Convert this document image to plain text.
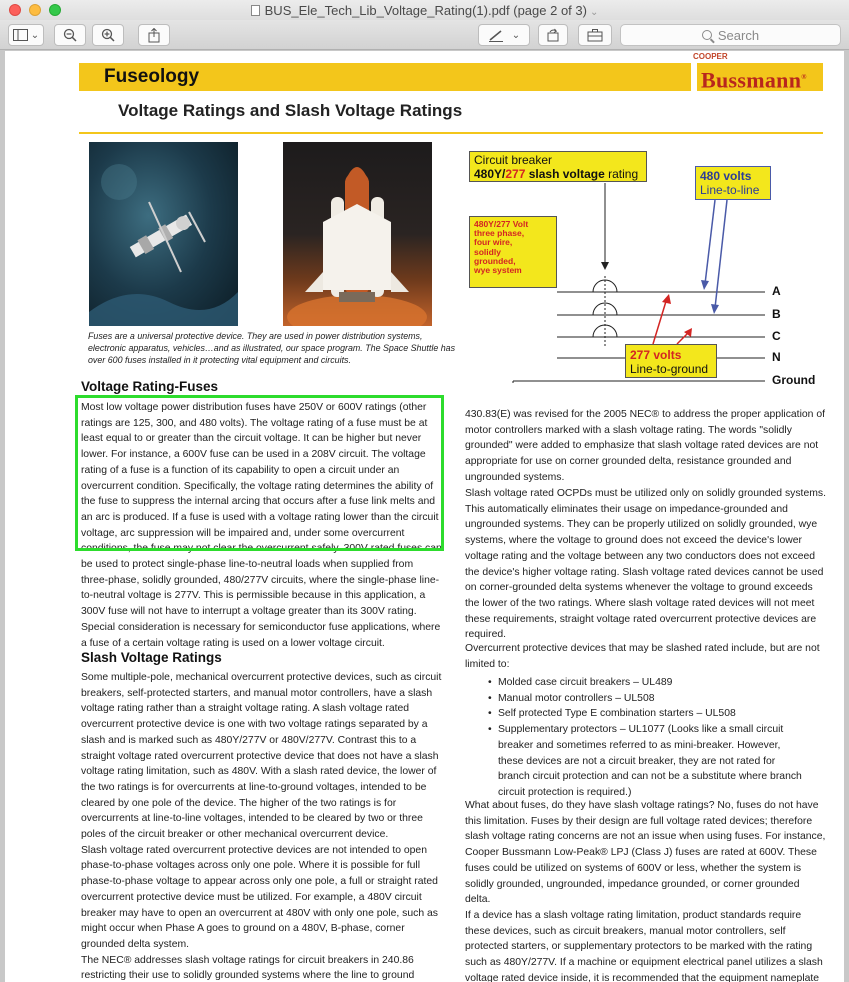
BUS_Ele_Tech_Lib_Voltage_Rating(1).pdf (page 2 of 3) ⌄
⌄	⌄	Search
COOPER
Fuseology	Bussmann®
Voltage Ratings and Slash Voltage Ratings
Fuses are a universal protective device. They are used in power distribution systems, electronic apparatus, vehicles…and as illustrated, our space program. The Space Shuttle has over 600 fuses installed in it protecting vital equipment and circuits.
Circuit breaker
480Y/277 slash voltage rating	480 volts
Line-to-line
480Y/277 Volt
three phase,
four wire,
solidly
grounded,
wye system
277 volts
Line-to-ground
A
B
C
N
Ground
Voltage Rating-Fuses

Most low voltage power distribution fuses have 250V or 600V ratings (other

ratings are 125, 300, and 480 volts). The voltage rating of a fuse must be at

least equal to or greater than the circuit voltage. It can be higher but never

lower. For instance, a 600V fuse can be used in a 208V circuit. The voltage

rating of a fuse is a function of its capability to open a circuit under an

overcurrent condition. Specifically, the voltage rating determines the ability of

the fuse to suppress the internal arcing that occurs after a fuse link melts and

an arc is produced. If a fuse is used with a voltage rating lower than the circuit

voltage, arc suppression will be impaired and, under some overcurrent

conditions, the fuse may not clear the overcurrent safely. 300V rated fuses can

be used to protect single-phase line-to-neutral loads when supplied from

three-phase, solidly grounded, 480/277V circuits, where the single-phase line-

to-neutral voltage is 277V. This is permissible because in this application, a

300V fuse will not have to interrupt a voltage greater than its 300V rating.

Special consideration is necessary for semiconductor fuse applications, where

a fuse of a certain voltage rating is used on a lower voltage circuit.

Slash Voltage Ratings

Some multiple-pole, mechanical overcurrent protective devices, such as circuit

breakers, self-protected starters, and manual motor controllers, have a slash

voltage rating rather than a straight voltage rating. A slash voltage rated

overcurrent protective device is one with two voltage ratings separated by a

slash and is marked such as 480Y/277V or 480V/277V. Contrast this to a

straight voltage rated overcurrent protective device that does not have a slash

voltage rating limitation, such as 480V. With a slash rated device, the lower of

the two ratings is for overcurrents at line-to-ground voltages, intended to be

cleared by one pole of the device. The higher of the two ratings is for

overcurrents at line-to-line voltages, intended to be cleared by two or three

poles of the circuit breaker or other mechanical overcurrent device.

Slash voltage rated overcurrent protective devices are not intended to open

phase-to-phase voltages across only one pole. Where it is possible for full

phase-to-phase voltage to appear across only one pole, a full or straight rated

overcurrent protective device must be utilized. For example, a 480V circuit

breaker may have to open an overcurrent at 480V with only one pole, such as

might occur when Phase A goes to ground on a 480V, B-phase, corner

grounded delta system.

The NEC® addresses slash voltage ratings for circuit breakers in 240.86

restricting their use to solidly grounded systems where the line to ground

430.83(E) was revised for the 2005 NEC® to address the proper application of

motor controllers marked with a slash voltage rating. The words "solidly

grounded" were added to emphasize that slash voltage rated devices are not

appropriate for use on corner grounded delta, resistance grounded and

ungrounded systems.

Slash voltage rated OCPDs must be utilized only on solidly grounded systems.

This automatically eliminates their usage on impedance-grounded and

ungrounded systems. They can be properly utilized on solidly grounded, wye

systems, where the voltage to ground does not exceed the device's lower

voltage rating and the voltage between any two conductors does not exceed

the device's higher voltage rating. Slash voltage rated devices cannot be used

on corner-grounded delta systems whenever the voltage to ground exceeds

the lower of the two ratings. Where slash voltage rated devices will not meet

these requirements, straight voltage rated overcurrent protective devices are

required.

Overcurrent protective devices that may be slashed rated include, but are not

limited to:

• Molded case circuit breakers – UL489
• Manual motor controllers – UL508
• Self protected Type E combination starters – UL508
• Supplementary protectors – UL1077 (Looks like a small circuit
breaker and sometimes referred to as mini-breaker. However,
these devices are not a circuit breaker, they are not rated for
branch circuit protection and can not be a substitute where branch
circuit protection is required.)

What about fuses, do they have slash voltage ratings? No, fuses do not have

this limitation. Fuses by their design are full voltage rated devices; therefore

slash voltage rating concerns are not an issue when using fuses. For instance,

Cooper Bussmann Low-Peak® LPJ (Class J) fuses are rated at 600V. These

fuses could be utilized on systems of 600V or less, whether the system is

solidly grounded, ungrounded, impedance grounded, or corner grounded

delta.

If a device has a slash voltage rating limitation, product standards require

these devices, such as circuit breakers, manual motor controllers, self

protected starters, or supplementary protectors to be marked with the rating

such as 480Y/277V. If a machine or equipment electrical panel utilizes a slash

voltage rated device inside, it is recommended that the equipment nameplate
